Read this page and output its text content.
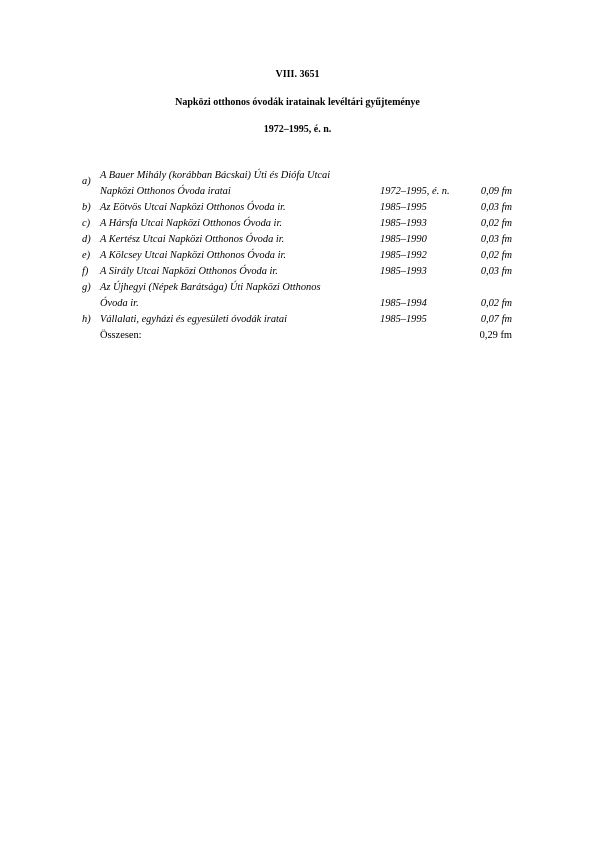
VIII. 3651
Napközi otthonos óvodák iratainak levéltári gyűjteménye
1972–1995, é. n.
a)
A Bauer Mihály (korábban Bácskai) Úti és Diófa Utcai
Napközi Otthonos Óvoda iratai	1972–1995, é. n.	0,09 fm
b) Az Eötvös Utcai Napközi Otthonos Óvoda ir.	1985–1995	0,03 fm
c) A Hársfa Utcai Napközi Otthonos Óvoda ir.	1985–1993	0,02 fm
d) A Kertész Utcai Napközi Otthonos Óvoda ir.	1985–1990	0,03 fm
e) A Kölcsey Utcai Napközi Otthonos Óvoda ir.	1985–1992	0,02 fm
f) A Sirály Utcai Napközi Otthonos Óvoda ir.	1985–1993	0,03 fm
g) Az Újhegyi (Népek Barátsága) Úti Napközi Otthonos
Óvoda ir.	1985–1994	0,02 fm
h) Vállalati, egyházi és egyesületi óvodák iratai	1985–1995	0,07 fm
Összesen:	0,29 fm
